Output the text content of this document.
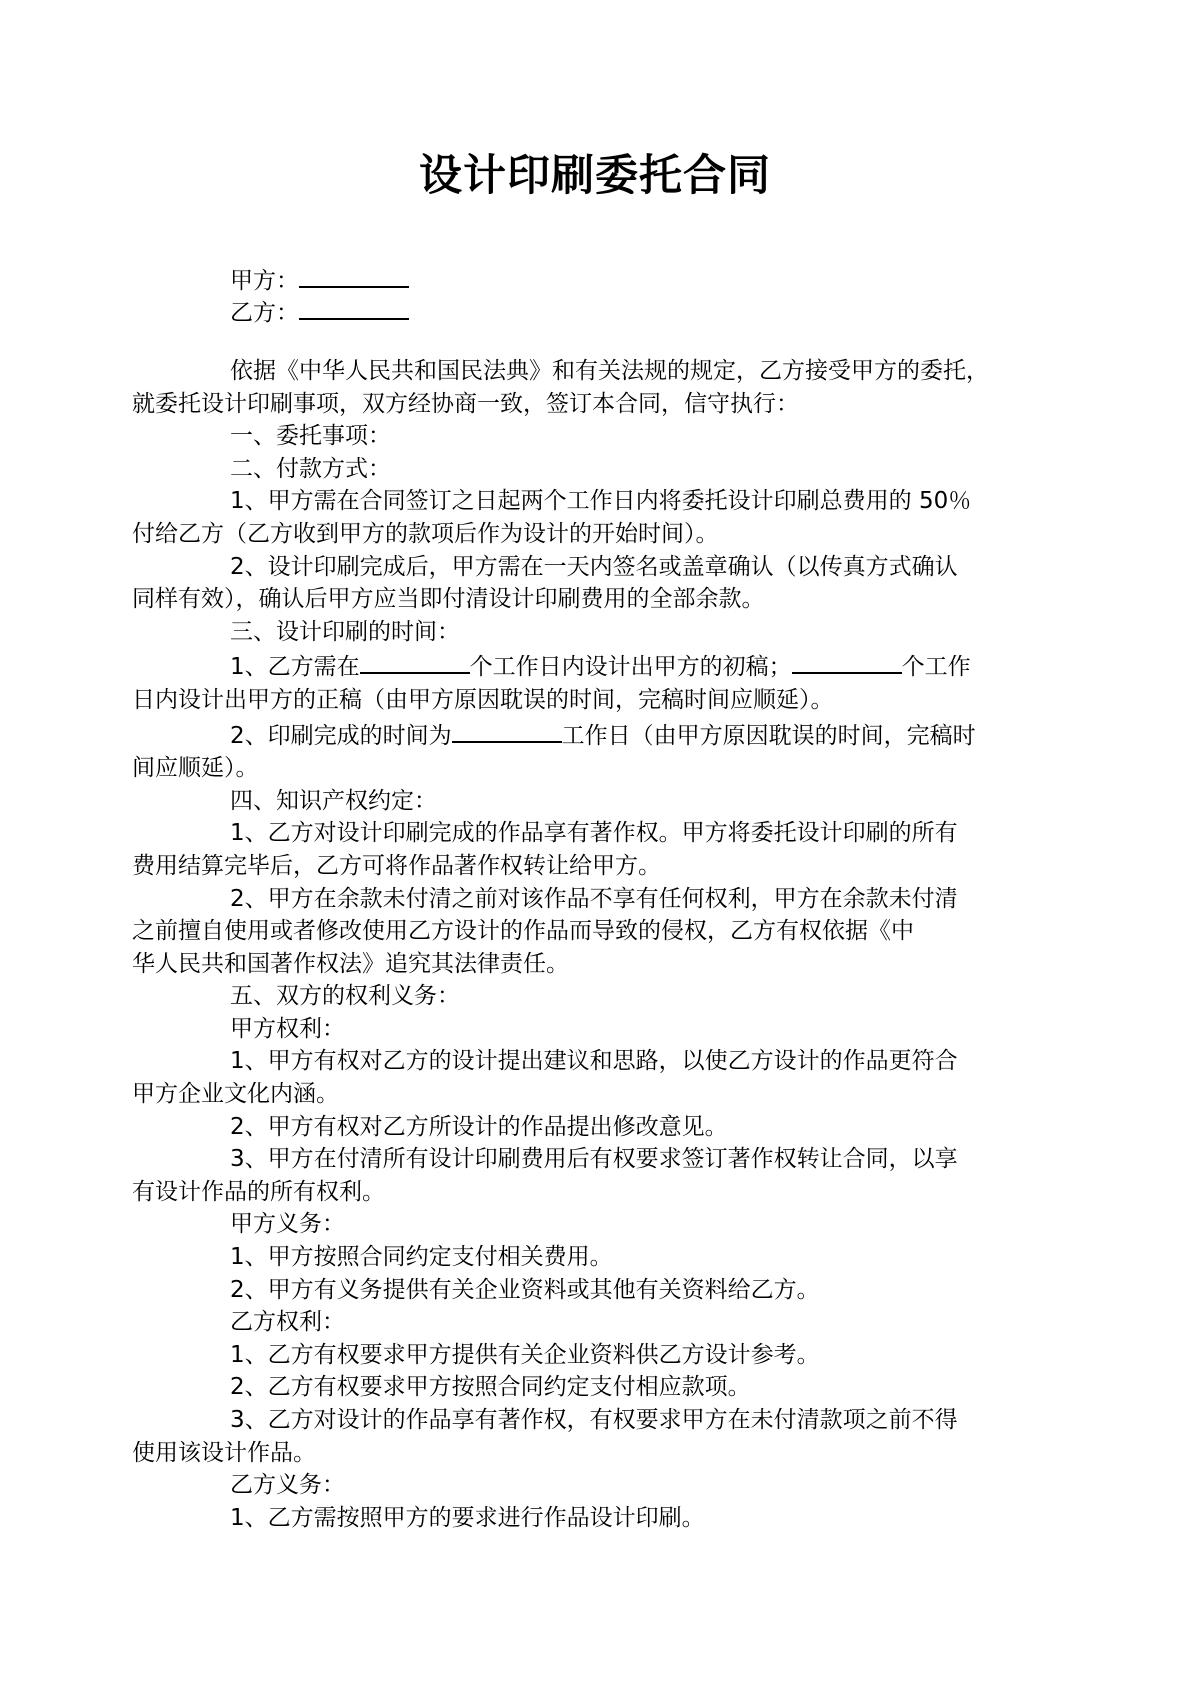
设计印刷委托合同
甲方：
乙方：

依据《中华人民共和国民法典》和有关法规的规定，乙方接受甲方的委托，
就委托设计印刷事项，双方经协商一致，签订本合同，信守执行：

一、委托事项：

二、付款方式：

1、甲方需在合同签订之日起两个工作日内将委托设计印刷总费用的 50％
付给乙方（乙方收到甲方的款项后作为设计的开始时间）。

2、设计印刷完成后，甲方需在一天内签名或盖章确认（以传真方式确认
同样有效），确认后甲方应当即付清设计印刷费用的全部余款。

三、设计印刷的时间：

1、乙方需在	个工作日内设计出甲方的初稿；	个工作
日内设计出甲方的正稿（由甲方原因耽误的时间，完稿时间应顺延）。

2、印刷完成的时间为	工作日（由甲方原因耽误的时间，完稿时
间应顺延）。

四、知识产权约定：

1、乙方对设计印刷完成的作品享有著作权。甲方将委托设计印刷的所有
费用结算完毕后，乙方可将作品著作权转让给甲方。

2、甲方在余款未付清之前对该作品不享有任何权利，甲方在余款未付清
之前擅自使用或者修改使用乙方设计的作品而导致的侵权，乙方有权依据《中
华人民共和国著作权法》追究其法律责任。

五、双方的权利义务：

甲方权利：

1、甲方有权对乙方的设计提出建议和思路，以使乙方设计的作品更符合
甲方企业文化内涵。

2、甲方有权对乙方所设计的作品提出修改意见。

3、甲方在付清所有设计印刷费用后有权要求签订著作权转让合同，以享
有设计作品的所有权利。

甲方义务：

1、甲方按照合同约定支付相关费用。

2、甲方有义务提供有关企业资料或其他有关资料给乙方。

乙方权利：

1、乙方有权要求甲方提供有关企业资料供乙方设计参考。

2、乙方有权要求甲方按照合同约定支付相应款项。

3、乙方对设计的作品享有著作权，有权要求甲方在未付清款项之前不得
使用该设计作品。

乙方义务：

1、乙方需按照甲方的要求进行作品设计印刷。
